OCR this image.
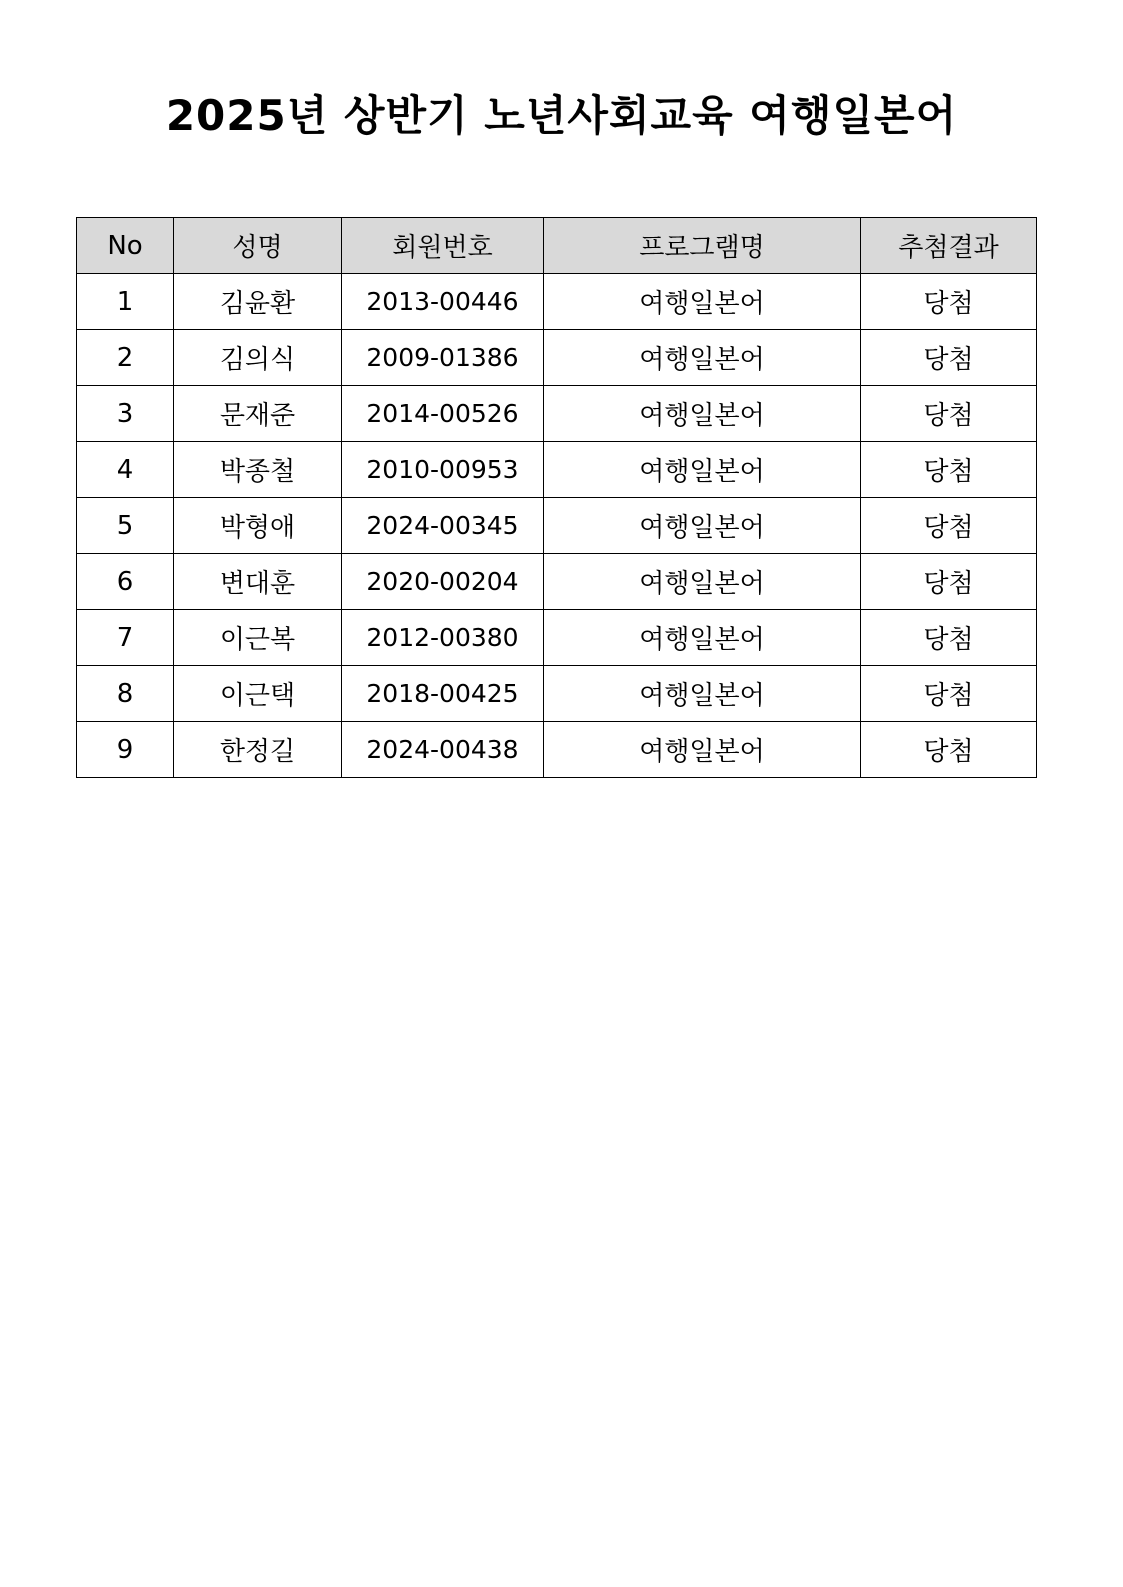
2025년 상반기 노년사회교육 여행일본어
No	성명	회원번호	프로그램명	추첨결과
1	김윤환	2013-00446	여행일본어	당첨
2	김의식	2009-01386	여행일본어	당첨
3	문재준	2014-00526	여행일본어	당첨
4	박종철	2010-00953	여행일본어	당첨
5	박형애	2024-00345	여행일본어	당첨
6	변대훈	2020-00204	여행일본어	당첨
7	이근복	2012-00380	여행일본어	당첨
8	이근택	2018-00425	여행일본어	당첨
9	한정길	2024-00438	여행일본어	당첨
